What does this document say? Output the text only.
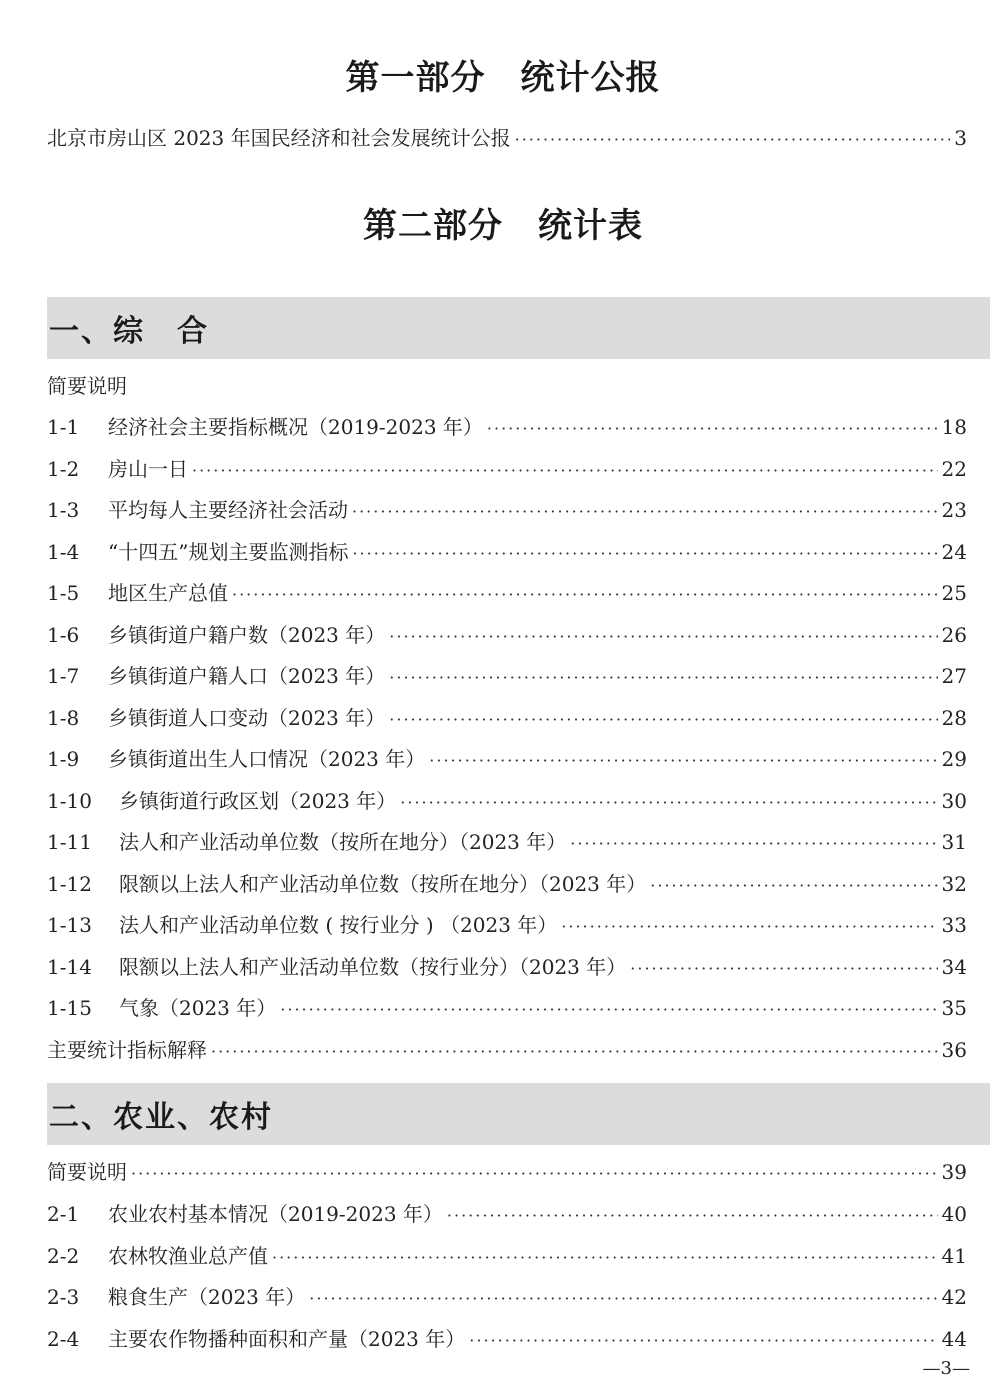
第一部分　统计公报
北京市房山区 2023 年国民经济和社会发展统计公报 ·····	3
第二部分　统计表
一、综　合
简要说明
1-1	经济社会主要指标概况（2019-2023 年） ·····	18
1-2	房山一日 ·····	22
1-3	平均每人主要经济社会活动 ·····	23
1-4	“十四五”规划主要监测指标 ·····	24
1-5	地区生产总值 ·····	25
1-6	乡镇街道户籍户数（2023 年） ·····	26
1-7	乡镇街道户籍人口（2023 年） ·····	27
1-8	乡镇街道人口变动（2023 年） ·····	28
1-9	乡镇街道出生人口情况（2023 年） ·····	29
1-10	乡镇街道行政区划（2023 年） ·····	30
1-11	法人和产业活动单位数（按所在地分）（2023 年） ·····	31
1-12	限额以上法人和产业活动单位数（按所在地分）（2023 年） ·····	32
1-13	法人和产业活动单位数 ( 按行业分 ) （2023 年） ·····	33
1-14	限额以上法人和产业活动单位数（按行业分）（2023 年） ·····	34
1-15	气象（2023 年） ·····	35
主要统计指标解释 ·····	36
二、农业、农村
简要说明 ·····	39
2-1	农业农村基本情况（2019-2023 年） ·····	40
2-2	农林牧渔业总产值 ·····	41
2-3	粮食生产（2023 年） ·····	42
2-4	主要农作物播种面积和产量（2023 年） ·····	44
—3—
